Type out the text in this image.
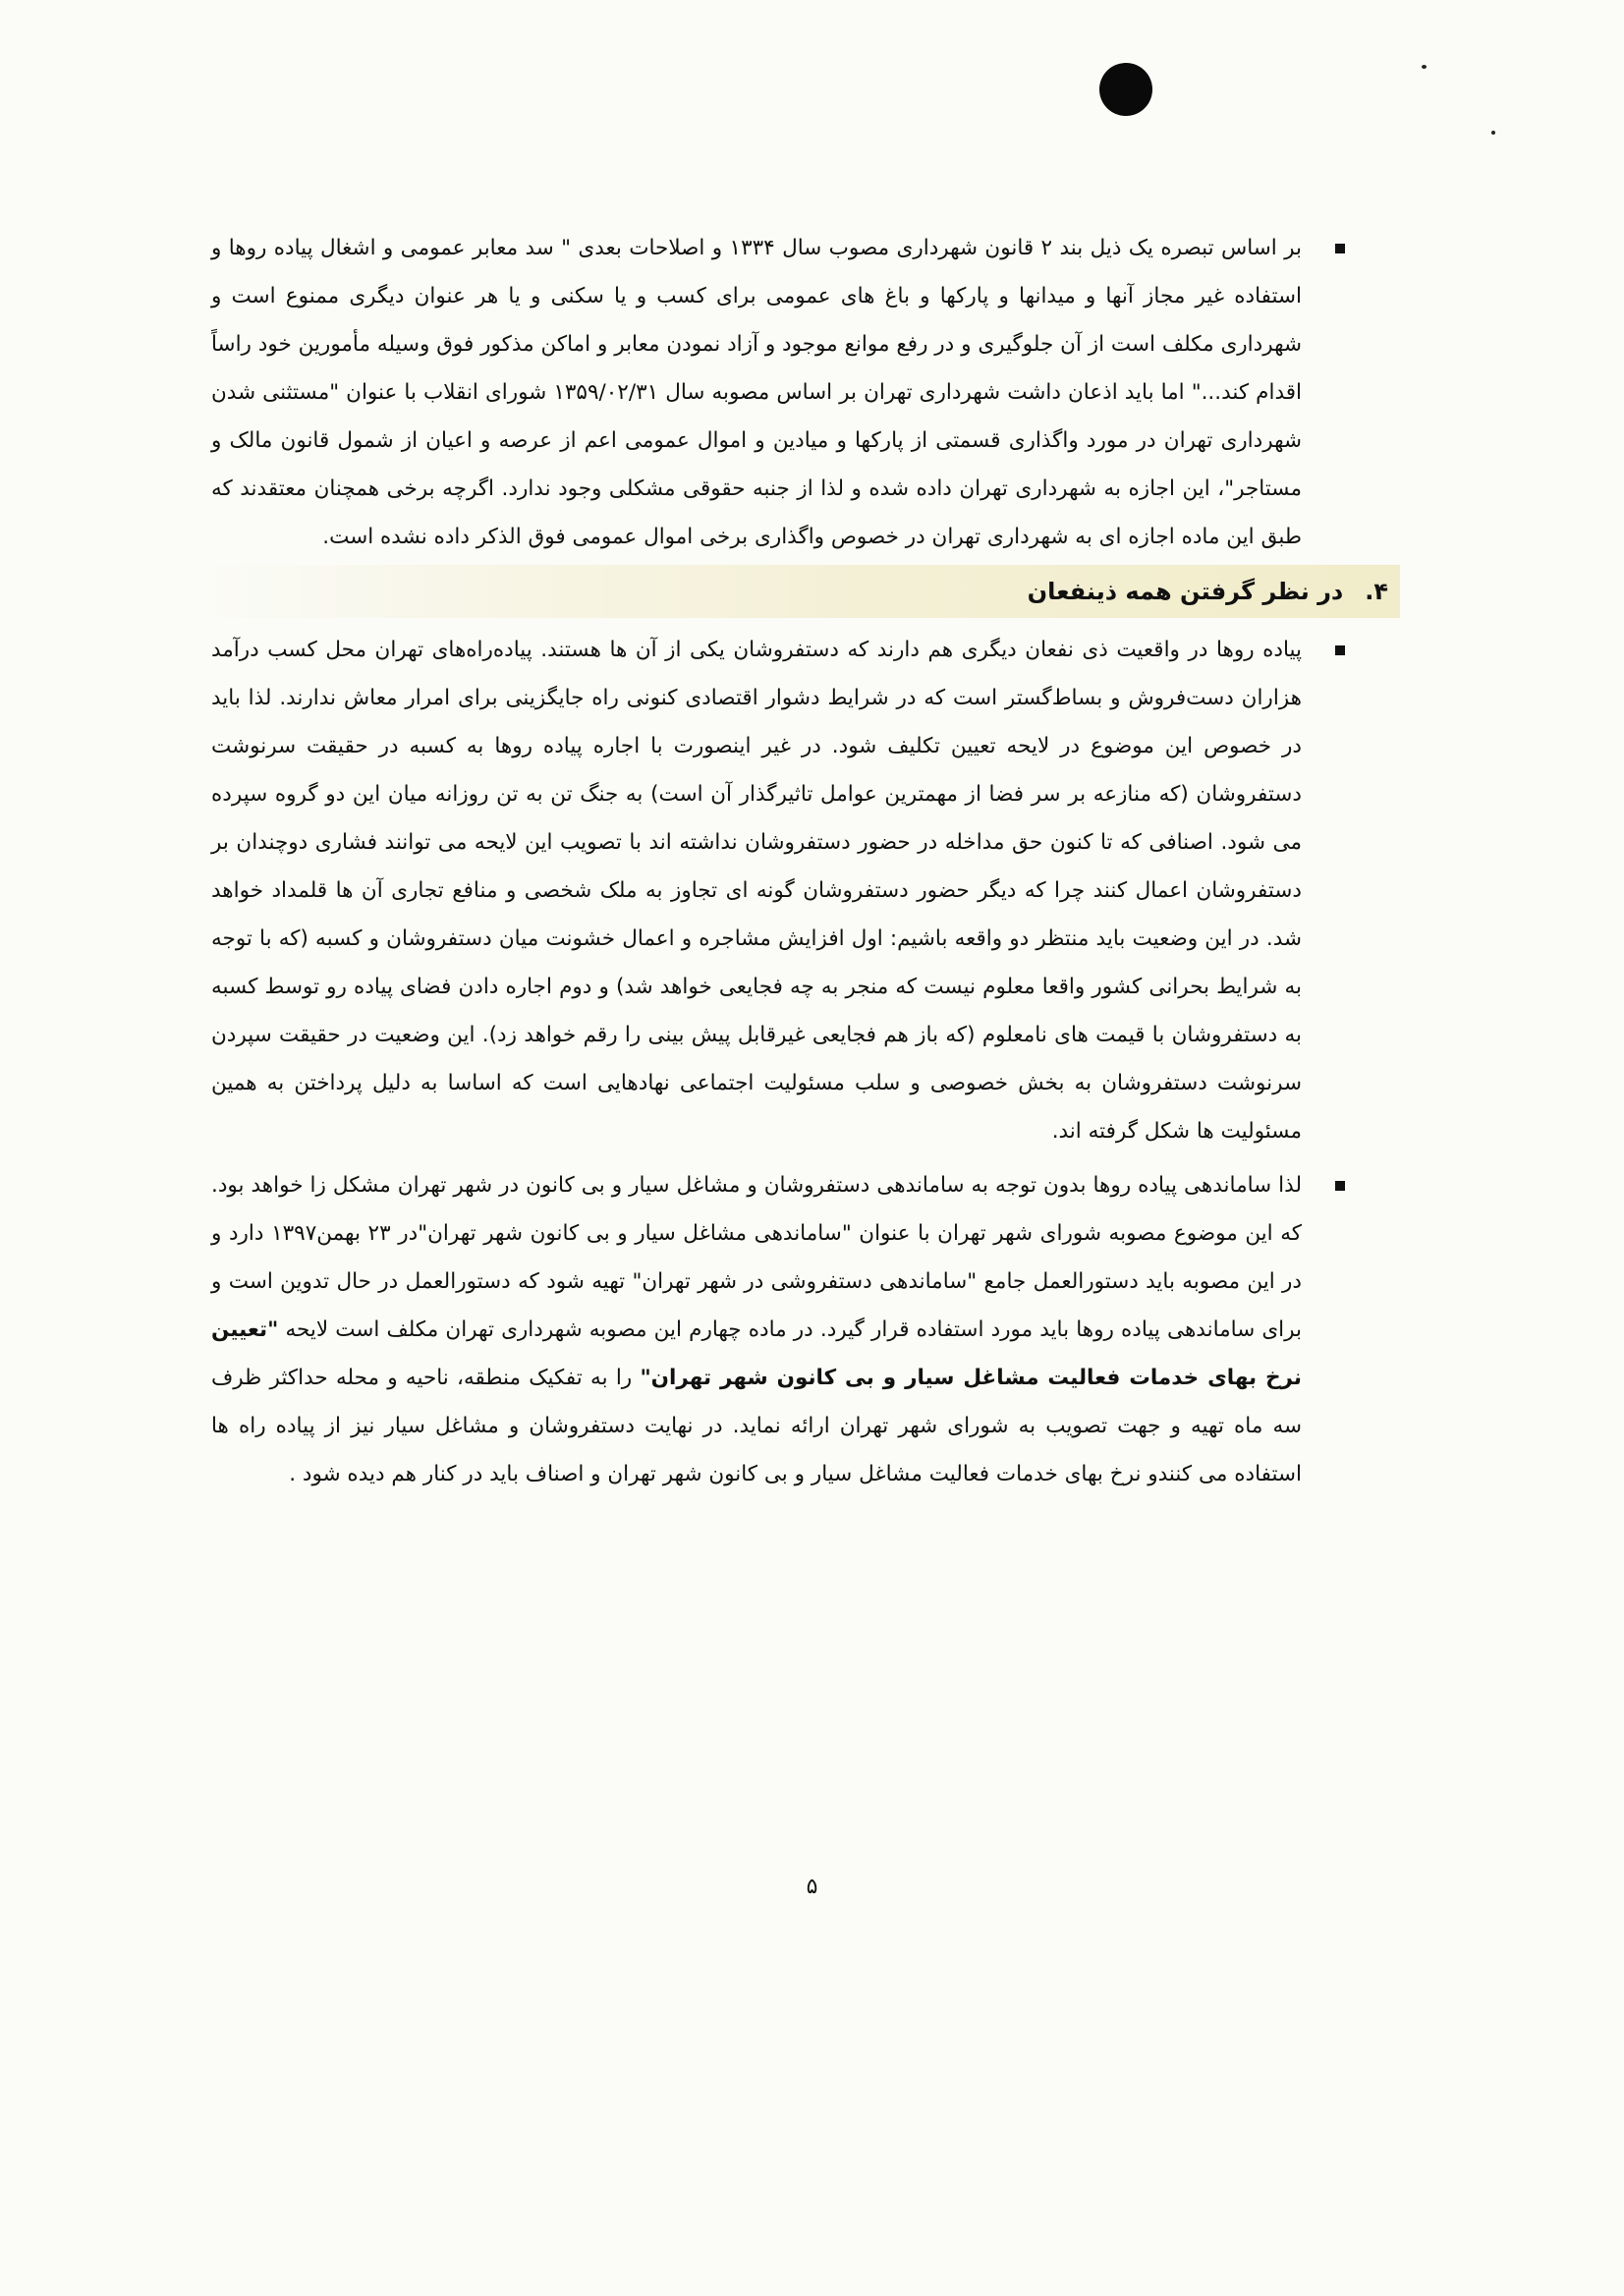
بر اساس تبصره یک ذیل بند ۲ قانون شهرداری مصوب سال ۱۳۳۴ و اصلاحات بعدی " سد معابر عمومی و اشغال پیاده روها و استفاده غیر مجاز آنها و میدانها و پارکها و باغ های عمومی برای کسب و یا سکنی و یا هر عنوان دیگری ممنوع است و شهرداری مکلف است از آن جلوگیری و در رفع موانع موجود و آزاد نمودن معابر و اماکن مذکور فوق وسیله مأمورین خود راساً اقدام کند..." اما باید اذعان داشت شهرداری تهران بر اساس مصوبه سال ۱۳۵۹/۰۲/۳۱ شورای انقلاب با عنوان "مستثنی شدن شهرداری تهران در مورد واگذاری قسمتی از پارکها و میادین و اموال عمومی اعم از عرصه و اعیان از شمول قانون مالک و مستاجر"، این اجازه به شهرداری تهران داده شده و لذا از جنبه حقوقی مشکلی وجود ندارد. اگرچه برخی همچنان معتقدند که طبق این ماده اجازه ای به شهرداری تهران در خصوص واگذاری برخی اموال عمومی فوق الذکر داده نشده است.

۴.
در نظر گرفتن همه ذینفعان

پیاده روها در واقعیت ذی نفعان دیگری هم دارند که دستفروشان یکی از آن ها هستند. پیاده‌راه‌های تهران محل کسب درآمد هزاران دست‌فروش و بساط‌گستر است که در شرایط دشوار اقتصادی کنونی راه جایگزینی برای امرار معاش ندارند. لذا باید در خصوص این موضوع در لایحه تعیین تکلیف شود. در غیر اینصورت با اجاره پیاده روها به کسبه در حقیقت سرنوشت دستفروشان (که منازعه بر سر فضا از مهمترین عوامل تاثیرگذار آن است) به جنگ تن به تن روزانه میان این دو گروه سپرده می شود. اصنافی که تا کنون حق مداخله در حضور دستفروشان نداشته اند با تصویب این لایحه می توانند فشاری دوچندان بر دستفروشان اعمال کنند چرا که دیگر حضور دستفروشان گونه ای تجاوز به ملک شخصی و منافع تجاری آن ها قلمداد خواهد شد. در این وضعیت باید منتظر دو واقعه باشیم: اول افزایش مشاجره و اعمال خشونت میان دستفروشان و کسبه (که با توجه به شرایط بحرانی کشور واقعا معلوم نیست که منجر به چه فجایعی خواهد شد) و دوم اجاره دادن فضای پیاده رو توسط کسبه به دستفروشان با قیمت های نامعلوم (که باز هم فجایعی غیرقابل پیش بینی را رقم خواهد زد). این وضعیت در حقیقت سپردن سرنوشت دستفروشان به بخش خصوصی و سلب مسئولیت اجتماعی نهادهایی است که اساسا به دلیل پرداختن به همین مسئولیت ها شکل گرفته اند.

لذا ساماندهی پیاده روها بدون توجه به ساماندهی دستفروشان و مشاغل سیار و بی کانون در شهر تهران مشکل زا خواهد بود. که این موضوع مصوبه شورای شهر تهران با عنوان "ساماندهی مشاغل سیار و بی کانون شهر تهران"در ۲۳ بهمن۱۳۹۷ دارد و در این مصوبه باید دستورالعمل جامع "ساماندهی دستفروشی در شهر تهران" تهیه شود که دستورالعمل در حال تدوین است و برای ساماندهی پیاده روها باید مورد استفاده قرار گیرد. در ماده چهارم این مصوبه شهرداری تهران مکلف است لایحه "تعیین نرخ بهای خدمات فعالیت مشاغل سیار و بی کانون شهر تهران" را به تفکیک منطقه، ناحیه و محله حداکثر ظرف سه ماه تهیه و جهت تصویب به شورای شهر تهران ارائه نماید. در نهایت دستفروشان و مشاغل سیار نیز از پیاده راه ها استفاده می کنندو نرخ بهای خدمات فعالیت مشاغل سیار و بی کانون شهر تهران و اصناف باید در کنار هم دیده شود .

۵
